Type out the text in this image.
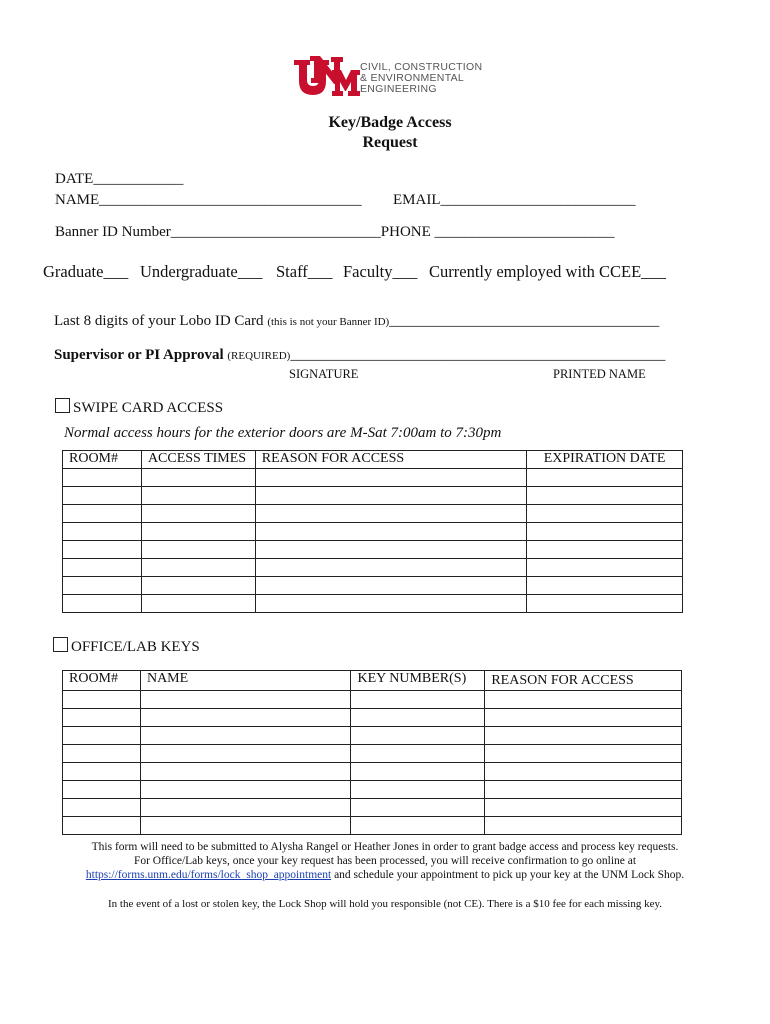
CIVIL, CONSTRUCTION
& ENVIRONMENTAL
ENGINEERING
Key/Badge Access
Request
DATE____________
NAME___________________________________ EMAIL__________________________
Banner ID Number____________________________PHONE ________________________
Graduate___ Undergraduate___ Staff___ Faculty___ Currently employed with CCEE___
Last 8 digits of your Lobo ID Card (this is not your Banner ID)____________________________________
Supervisor or PI Approval (REQUIRED)__________________________________________________
SIGNATURE	PRINTED NAME
SWIPE CARD ACCESS
Normal access hours for the exterior doors are M-Sat 7:00am to 7:30pm
ROOM#	ACCESS TIMES	REASON FOR ACCESS	EXPIRATION DATE

OFFICE/LAB KEYS
ROOM#	NAME	KEY NUMBER(S)	REASON FOR ACCESS

This form will need to be submitted to Alysha Rangel or Heather Jones in order to grant badge access and process key requests.
For Office/Lab keys, once your key request has been processed, you will receive confirmation to go online at
https://forms.unm.edu/forms/lock_shop_appointment and schedule your appointment to pick up your key at the UNM Lock Shop.
In the event of a lost or stolen key, the Lock Shop will hold you responsible (not CE). There is a $10 fee for each missing key.
